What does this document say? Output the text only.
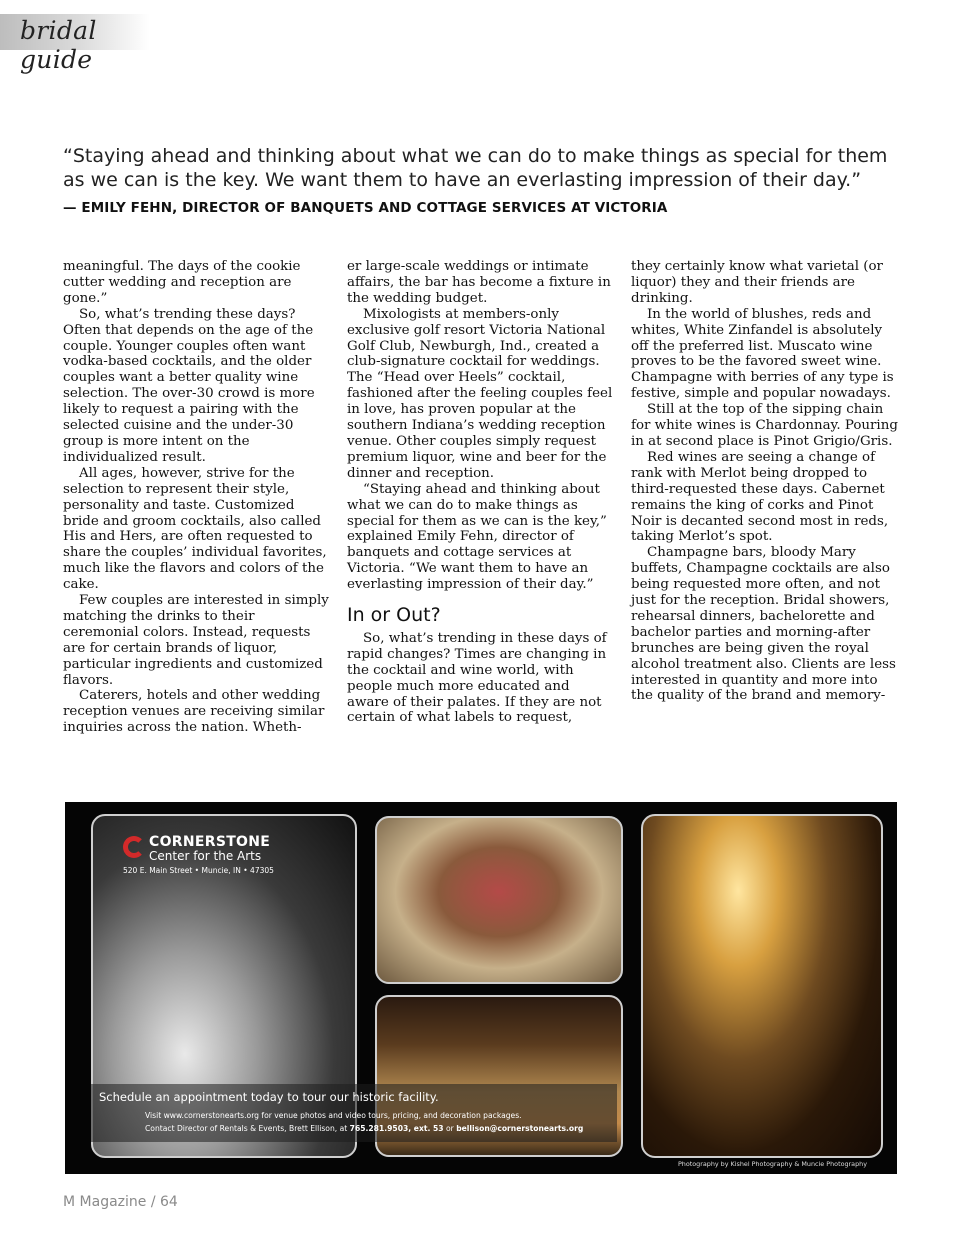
bridal guide

“Staying ahead and thinking about what we can do to make things as special for them as we can is the key. We want them to have an everlasting impression of their day.”

— EMILY FEHN, DIRECTOR OF BANQUETS AND COTTAGE SERVICES AT VICTORIA

meaningful. The days of the cookie cutter wedding and reception are gone.”

So, what’s trending these days? Often that depends on the age of the couple. Younger couples often want vodka-based cocktails, and the older couples want a better quality wine selection. The over-30 crowd is more likely to request a pairing with the selected cuisine and the under-30 group is more intent on the individualized result.

All ages, however, strive for the selection to represent their style, personality and taste. Customized bride and groom cocktails, also called His and Hers, are often requested to share the couples’ individual favorites, much like the flavors and colors of the cake.

Few couples are interested in simply matching the drinks to their ceremonial colors. Instead, requests are for certain brands of liquor, particular ingredients and customized flavors.

Caterers, hotels and other wedding reception venues are receiving similar inquiries across the nation. Wheth-

er large-scale weddings or intimate affairs, the bar has become a fixture in the wedding budget.

Mixologists at members-only exclusive golf resort Victoria National Golf Club, Newburgh, Ind., created a club-signature cocktail for weddings. The “Head over Heels” cocktail, fashioned after the feeling couples feel in love, has proven popular at the southern Indiana’s wedding reception venue. Other couples simply request premium liquor, wine and beer for the dinner and reception.

“Staying ahead and thinking about what we can do to make things as special for them as we can is the key,” explained Emily Fehn, director of banquets and cottage services at Victoria. “We want them to have an everlasting impression of their day.”

In or Out?

So, what’s trending in these days of rapid changes? Times are changing in the cocktail and wine world, with people much more educated and aware of their palates. If they are not certain of what labels to request,

they certainly know what varietal (or liquor) they and their friends are drinking.

In the world of blushes, reds and whites, White Zinfandel is absolutely off the preferred list. Muscato wine proves to be the favored sweet wine. Champagne with berries of any type is festive, simple and popular nowadays.

Still at the top of the sipping chain for white wines is Chardonnay. Pouring in at second place is Pinot Grigio/Gris.

Red wines are seeing a change of rank with Merlot being dropped to third-requested these days. Cabernet remains the king of corks and Pinot Noir is decanted second most in reds, taking Merlot’s spot.

Champagne bars, bloody Mary buffets, Champagne cocktails are also being requested more often, and not just for the reception. Bridal showers, rehearsal dinners, bachelorette and bachelor parties and morning-after brunches are being given the royal alcohol treatment also. Clients are less interested in quantity and more into the quality of the brand and memory-

CORNERSTONE
Center for the Arts
520 E. Main Street • Muncie, IN • 47305
Schedule an appointment today to tour our historic facility.
Visit www.cornerstonearts.org for venue photos and video tours, pricing, and decoration packages.
Contact Director of Rentals & Events, Brett Ellison, at 765.281.9503, ext. 53 or bellison@cornerstonearts.org
Photography by Kishel Photography & Muncie Photography
M Magazine / 64
